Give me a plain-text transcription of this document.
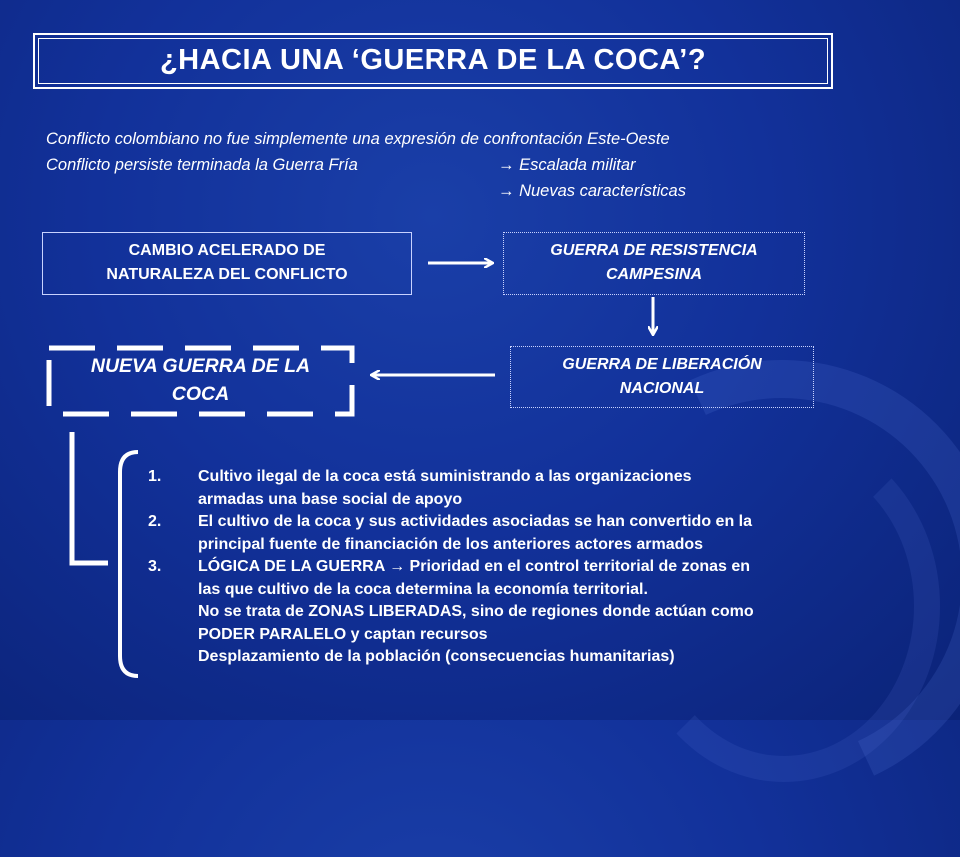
¿HACIA UNA ‘GUERRA DE LA COCA’?
Conflicto colombiano no fue simplemente una expresión de confrontación Este-Oeste
Conflicto persiste terminada la Guerra Fría	→ Escalada militar
→ Nuevas características
CAMBIO ACELERADO DE
NATURALEZA DEL CONFLICTO
GUERRA DE RESISTENCIA
CAMPESINA
GUERRA DE LIBERACIÓN
NACIONAL
NUEVA GUERRA DE LA
COCA
1.	Cultivo ilegal de la coca está suministrando a las organizaciones
armadas una base social de apoyo
2.	El cultivo de la coca y sus actividades asociadas se han convertido en la
principal fuente de financiación de los anteriores actores armados
3.	LÓGICA DE LA GUERRA → Prioridad en el control territorial de zonas en
las que cultivo de la coca determina la economía territorial.
No se trata de ZONAS LIBERADAS, sino de regiones donde actúan como
PODER PARALELO y captan recursos
Desplazamiento de la población (consecuencias humanitarias)
